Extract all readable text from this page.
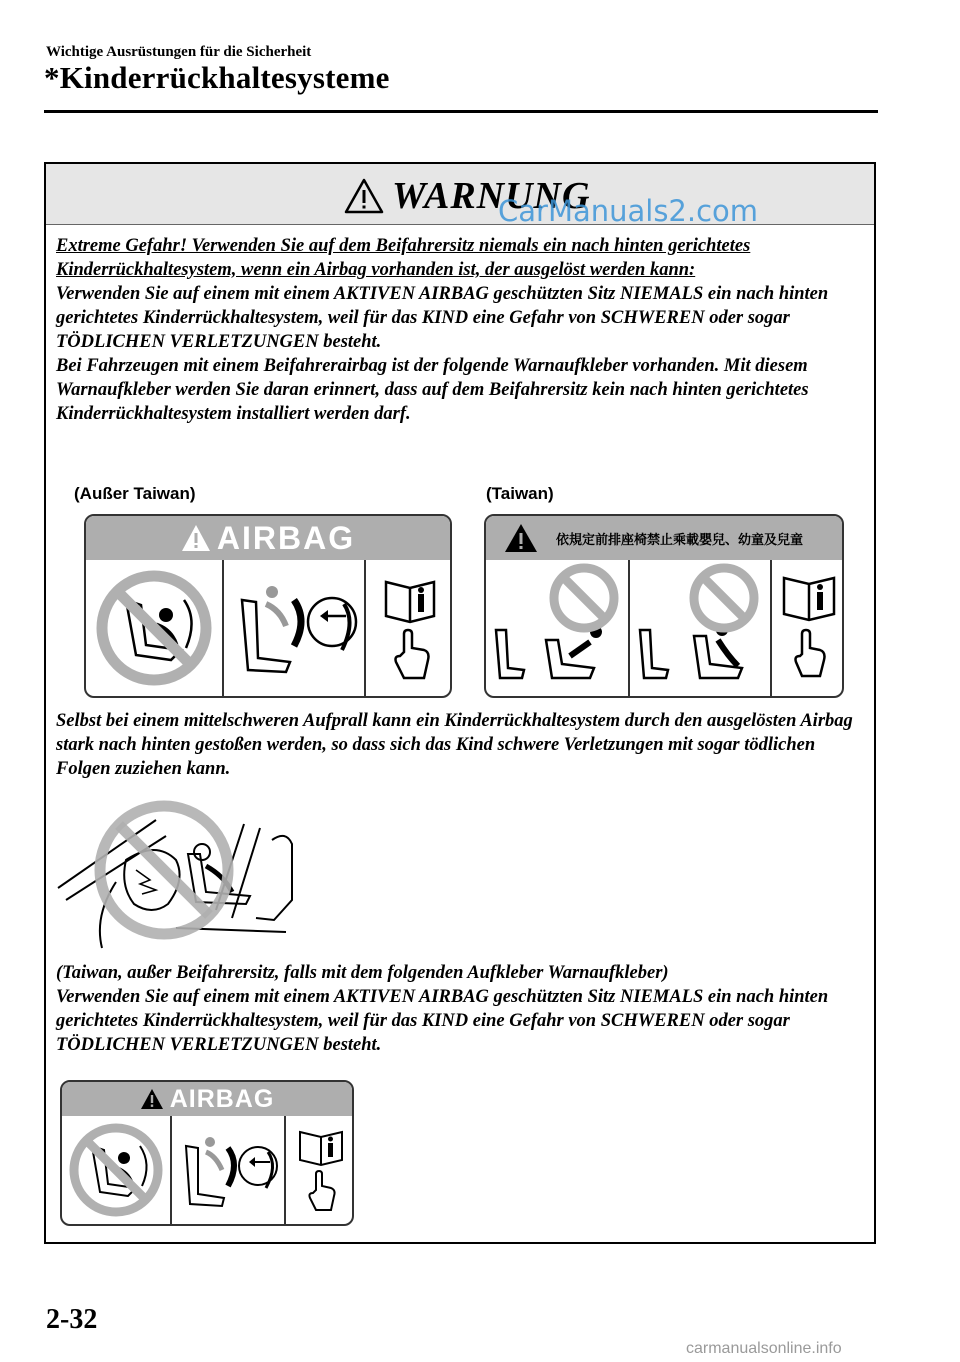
Wichtige Ausrüstungen für die Sicherheit
*Kinderrückhaltesysteme
WARNUNG
CarManuals2.com

Extreme Gefahr! Verwenden Sie auf dem Beifahrersitz niemals ein nach hinten gerichtetes Kinderrückhaltesystem, wenn ein Airbag vorhanden ist, der ausgelöst werden kann:

Verwenden Sie auf einem mit einem AKTIVEN AIRBAG geschützten Sitz NIEMALS ein nach hinten gerichtetes Kinderrückhaltesystem, weil für das KIND eine Gefahr von SCHWEREN oder sogar TÖDLICHEN VERLETZUNGEN besteht.

Bei Fahrzeugen mit einem Beifahrerairbag ist der folgende Warnaufkleber vorhanden. Mit diesem Warnaufkleber werden Sie daran erinnert, dass auf dem Beifahrersitz kein nach hinten gerichtetes Kinderrückhaltesystem installiert werden darf.

(Außer Taiwan)	(Taiwan)
AIRBAG	依規定前排座椅禁止乘載嬰兒、幼童及兒童
Selbst bei einem mittelschweren Aufprall kann ein Kinderrückhaltesystem durch den ausgelösten Airbag stark nach hinten gestoßen werden, so dass sich das Kind schwere Verletzungen mit sogar tödlichen Folgen zuziehen kann.

(Taiwan, außer Beifahrersitz, falls mit dem folgenden Aufkleber Warnaufkleber)

Verwenden Sie auf einem mit einem AKTIVEN AIRBAG geschützten Sitz NIEMALS ein nach hinten gerichtetes Kinderrückhaltesystem, weil für das KIND eine Gefahr von SCHWEREN oder sogar TÖDLICHEN VERLETZUNGEN besteht.

AIRBAG
2-32
carmanualsonline.info
